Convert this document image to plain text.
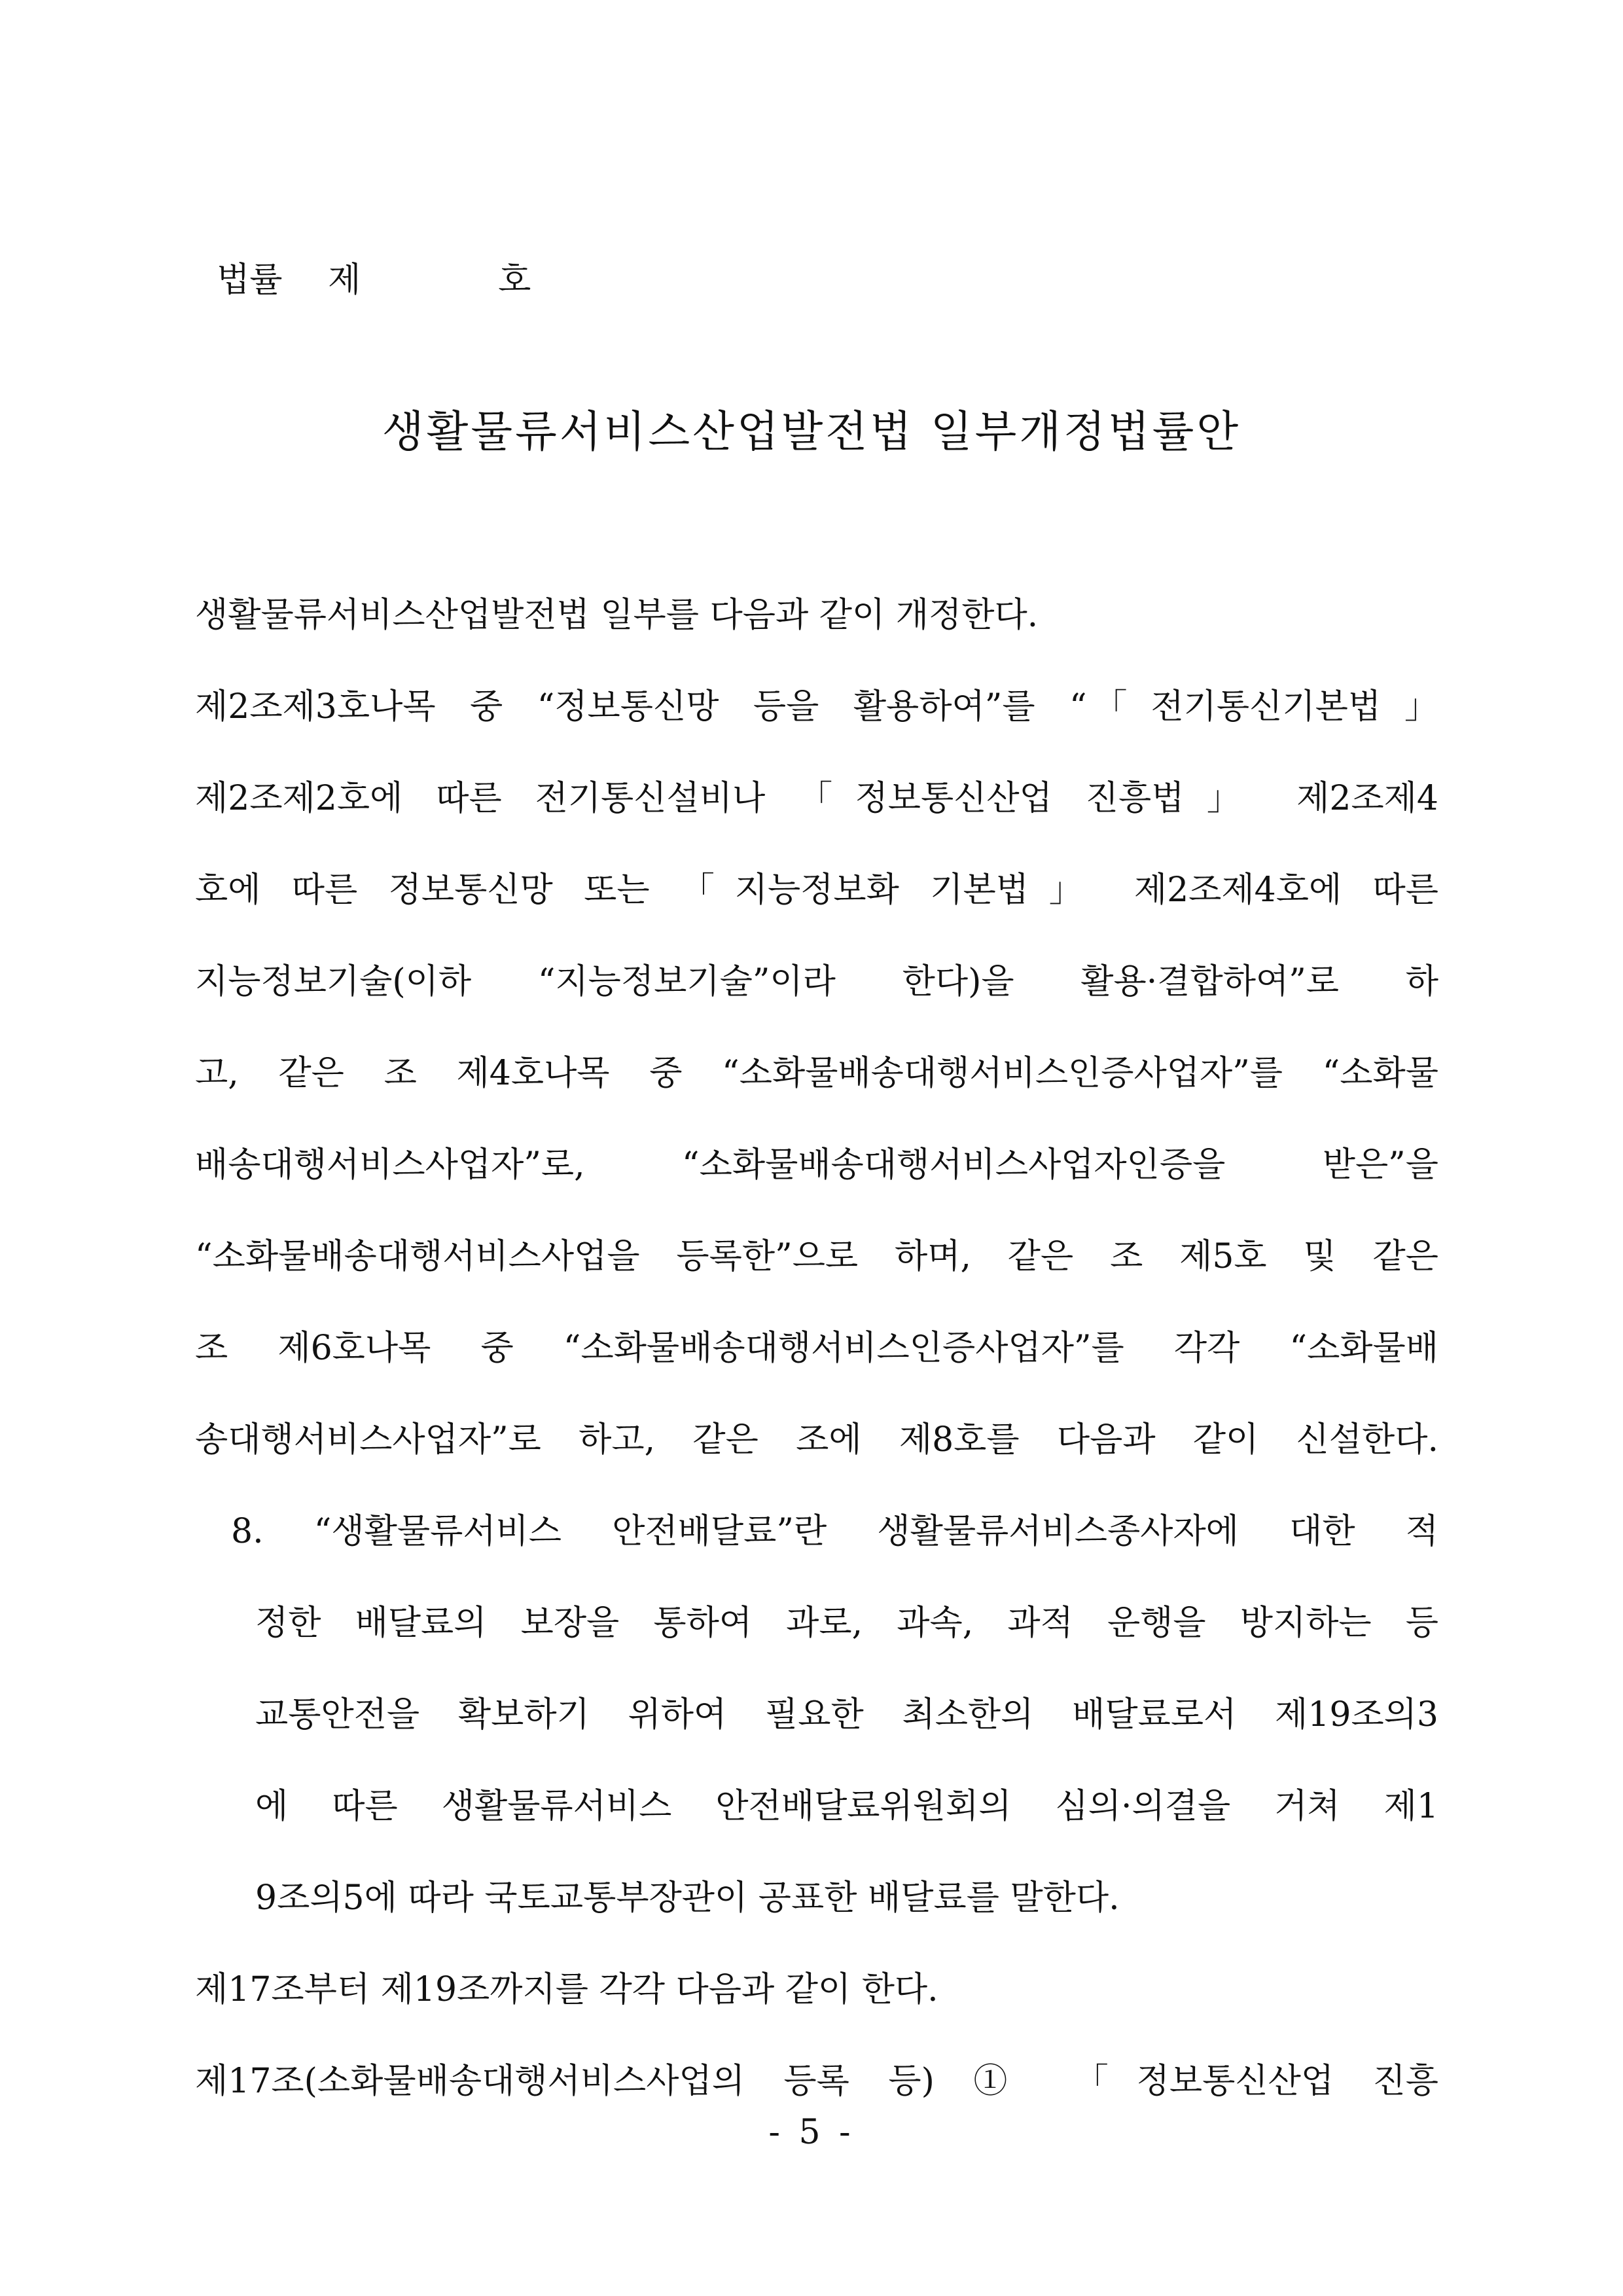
법률 제	호

생활물류서비스산업발전법 일부개정법률안
생활물류서비스산업발전법 일부를 다음과 같이 개정한다.
제2조제3호나목 중 “정보통신망 등을 활용하여”를 “「전기통신기본법」
제2조제2호에 따른 전기통신설비나 「정보통신산업 진흥법」 제2조제4
호에 따른 정보통신망 또는 「지능정보화 기본법」 제2조제4호에 따른
지능정보기술(이하 “지능정보기술”이라 한다)을 활용·결합하여”로 하
고, 같은 조 제4호나목 중 “소화물배송대행서비스인증사업자”를 “소화물
배송대행서비스사업자”로, “소화물배송대행서비스사업자인증을 받은”을
“소화물배송대행서비스사업을 등록한”으로 하며, 같은 조 제5호 및 같은
조 제6호나목 중 “소화물배송대행서비스인증사업자”를 각각 “소화물배
송대행서비스사업자”로 하고, 같은 조에 제8호를 다음과 같이 신설한다.
8. “생활물류서비스 안전배달료”란 생활물류서비스종사자에 대한 적
정한 배달료의 보장을 통하여 과로, 과속, 과적 운행을 방지하는 등
교통안전을 확보하기 위하여 필요한 최소한의 배달료로서 제19조의3
에 따른 생활물류서비스 안전배달료위원회의 심의·의결을 거쳐 제1
9조의5에 따라 국토교통부장관이 공표한 배달료를 말한다.
제17조부터 제19조까지를 각각 다음과 같이 한다.
제17조(소화물배송대행서비스사업의 등록 등) ① 「정보통신산업 진흥
- 5 -
